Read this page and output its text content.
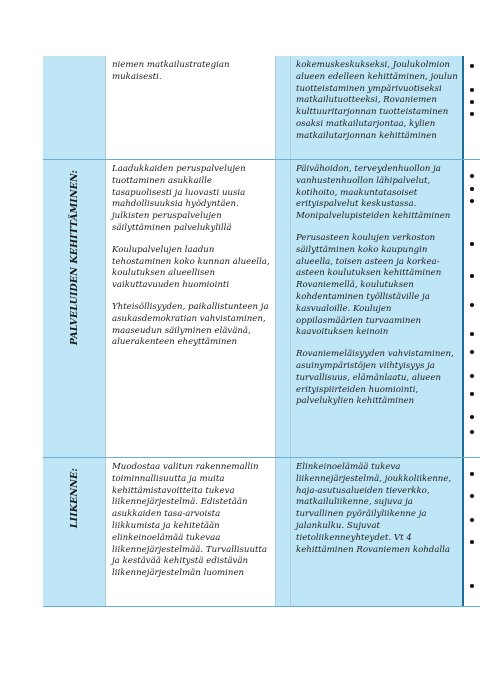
niemen matkailustrategian mukaisesti.

kokemuskeskukseksi, Joulukolmion alueen edelleen kehittäminen, joulun tuotteistaminen ympärivuotiseksi matkailutuotteeksi, Rovaniemen kulttuuritarjonnan tuotteistaminen osaksi matkailutarjontaa, kylien matkailutarjonnan kehittäminen

PALVELUIDEN KEHITTÄMINEN:

Laadukkaiden peruspalvelujen tuottaminen asukkaille tasapuolisesti ja luovasti uusia mahdollisuuksia hyödyntäen. julkisten peruspalvelujen säilyttäminen palvelukylillä

Koulupalvelujen laadun tehostaminen koko kunnan alueella, koulutuksen alueellisen vaikuttavuuden huomiointi

Yhteisöllisyyden, paikallistunteen ja asukasdemokratian vahvistaminen, maaseudun säilyminen elävänä, aluerakenteen eheyttäminen

Päivähoidon, terveydenhuollon ja vanhustenhuollon lähipalvelut, kotihoito, maakuntatasoiset erityispalvelut keskustassa. Monipalvelupisteiden kehittäminen

Perusasteen koulujen verkoston säilyttäminen koko kaupungin alueella, toisen asteen ja korkea-asteen koulutuksen kehittäminen Rovaniemellä, koulutuksen kohdentaminen työllistäville ja kasvualoille. Koulujen oppilasmäärien turvaaminen kaavoituksen keinoin

Rovaniemeläisyyden vahvistaminen, asuinympäristöjen viihtyisyys ja turvallisuus, elämänlaatu, alueen erityispiirteiden huomiointi, palvelukylien kehittäminen

LIIKENNE:

Muodostaa valitun rakennemallin toiminnallisuutta ja muita kehittämistavoitteita tukeva liikennejärjestelmä. Edistetään asukkaiden tasa-arvoista liikkumista ja kehitetään elinkeinoelämää tukevaa liikennejärjestelmää. Turvallisuutta ja kestävää kehitystä edistävän liikennejärjestelmän luominen

Elinkeinoelämää tukeva liikennejärjestelmä, joukkoliikenne, haja-asutusalueiden tieverkko, matkailuliikenne, sujuva ja turvallinen pyöräilyliikenne ja jalankulku. Sujuvat tietoliikenneyhteydet. Vt 4 kehittäminen Rovaniemen kohdalla
